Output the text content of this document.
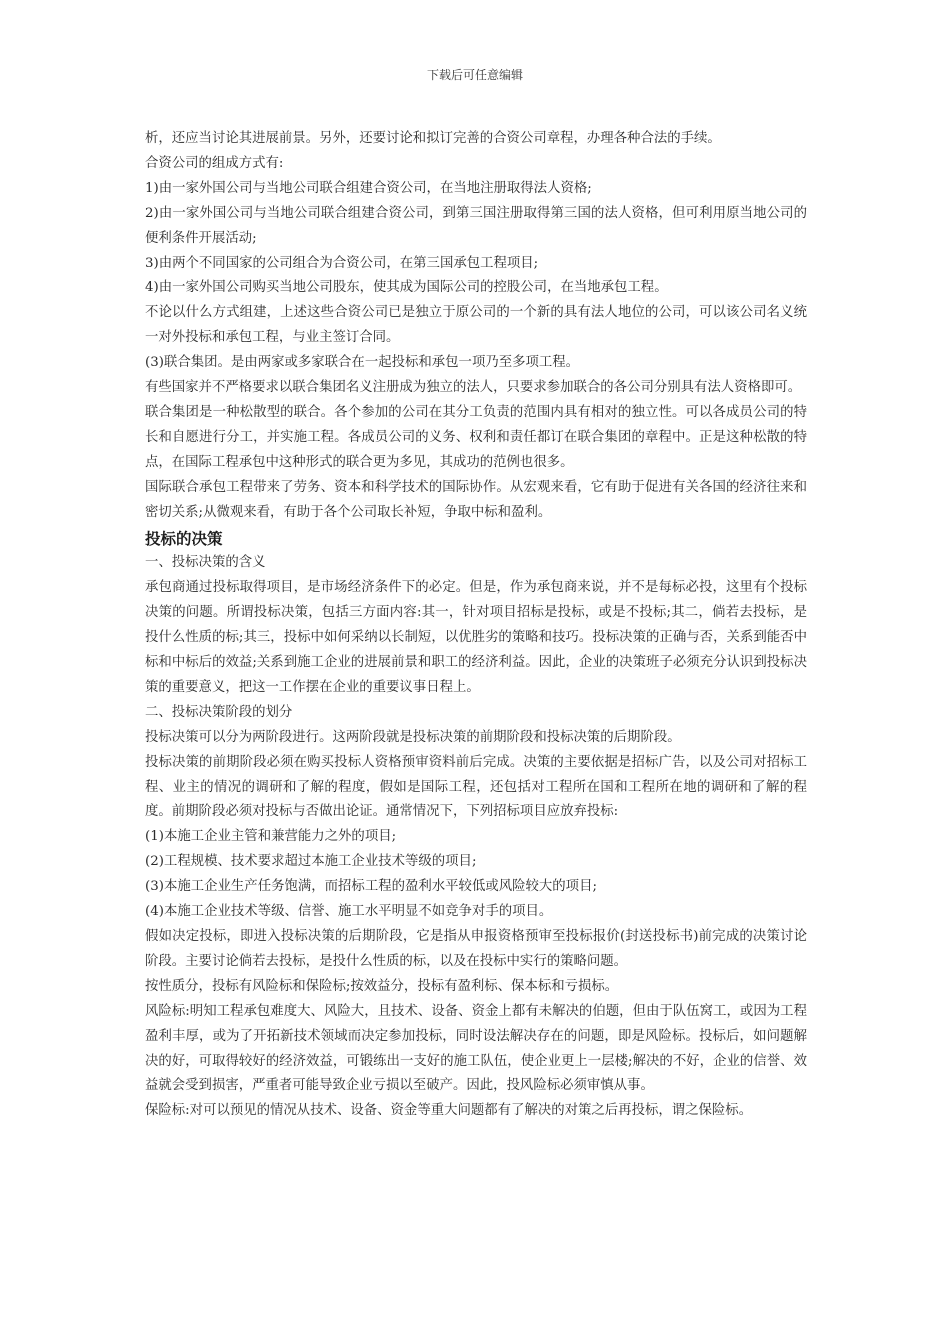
下载后可任意编辑

析，还应当讨论其进展前景。另外，还要讨论和拟订完善的合资公司章程，办理各种合法的手续。

合资公司的组成方式有:

1)由一家外国公司与当地公司联合组建合资公司，在当地注册取得法人资格;

2)由一家外国公司与当地公司联合组建合资公司，到第三国注册取得第三国的法人资格，但可利用原当地公司的便利条件开展活动;

3)由两个不同国家的公司组合为合资公司，在第三国承包工程项目;

4)由一家外国公司购买当地公司股东，使其成为国际公司的控股公司，在当地承包工程。

不论以什么方式组建，上述这些合资公司已是独立于原公司的一个新的具有法人地位的公司，可以该公司名义统一对外投标和承包工程，与业主签订合同。

(3)联合集团。是由两家或多家联合在一起投标和承包一项乃至多项工程。

有些国家并不严格要求以联合集团名义注册成为独立的法人，只要求参加联合的各公司分别具有法人资格即可。

联合集团是一种松散型的联合。各个参加的公司在其分工负责的范围内具有相对的独立性。可以各成员公司的特长和自愿进行分工，并实施工程。各成员公司的义务、权利和责任都订在联合集团的章程中。正是这种松散的特点，在国际工程承包中这种形式的联合更为多见，其成功的范例也很多。

国际联合承包工程带来了劳务、资本和科学技术的国际协作。从宏观来看，它有助于促进有关各国的经济往来和密切关系;从微观来看，有助于各个公司取长补短，争取中标和盈利。

投标的决策

一、投标决策的含义

承包商通过投标取得项目，是市场经济条件下的必定。但是，作为承包商来说，并不是每标必投，这里有个投标决策的问题。所谓投标决策，包括三方面内容:其一，针对项目招标是投标，或是不投标;其二，倘若去投标，是投什么性质的标;其三，投标中如何采纳以长制短，以优胜劣的策略和技巧。投标决策的正确与否，关系到能否中标和中标后的效益;关系到施工企业的进展前景和职工的经济利益。因此，企业的决策班子必须充分认识到投标决策的重要意义，把这一工作摆在企业的重要议事日程上。

二、投标决策阶段的划分

投标决策可以分为两阶段进行。这两阶段就是投标决策的前期阶段和投标决策的后期阶段。

投标决策的前期阶段必须在购买投标人资格预审资料前后完成。决策的主要依据是招标广告，以及公司对招标工程、业主的情况的调研和了解的程度，假如是国际工程，还包括对工程所在国和工程所在地的调研和了解的程度。前期阶段必须对投标与否做出论证。通常情况下，下列招标项目应放弃投标:

(1)本施工企业主管和兼营能力之外的项目;

(2)工程规模、技术要求超过本施工企业技术等级的项目;

(3)本施工企业生产任务饱满，而招标工程的盈利水平较低或风险较大的项目;

(4)本施工企业技术等级、信誉、施工水平明显不如竞争对手的项目。

假如决定投标，即进入投标决策的后期阶段，它是指从申报资格预审至投标报价(封送投标书)前完成的决策讨论阶段。主要讨论倘若去投标，是投什么性质的标，以及在投标中实行的策略问题。

按性质分，投标有风险标和保险标;按效益分，投标有盈利标、保本标和亏损标。

风险标:明知工程承包难度大、风险大，且技术、设备、资金上都有未解决的伯题，但由于队伍窝工，或因为工程盈利丰厚，或为了开拓新技术领域而决定参加投标，同时设法解决存在的问题，即是风险标。投标后，如问题解决的好，可取得较好的经济效益，可锻练出一支好的施工队伍，使企业更上一层楼;解决的不好，企业的信誉、效益就会受到损害，严重者可能导致企业亏损以至破产。因此，投风险标必须审慎从事。

保险标:对可以预见的情况从技术、设备、资金等重大问题都有了解决的对策之后再投标，谓之保险标。
